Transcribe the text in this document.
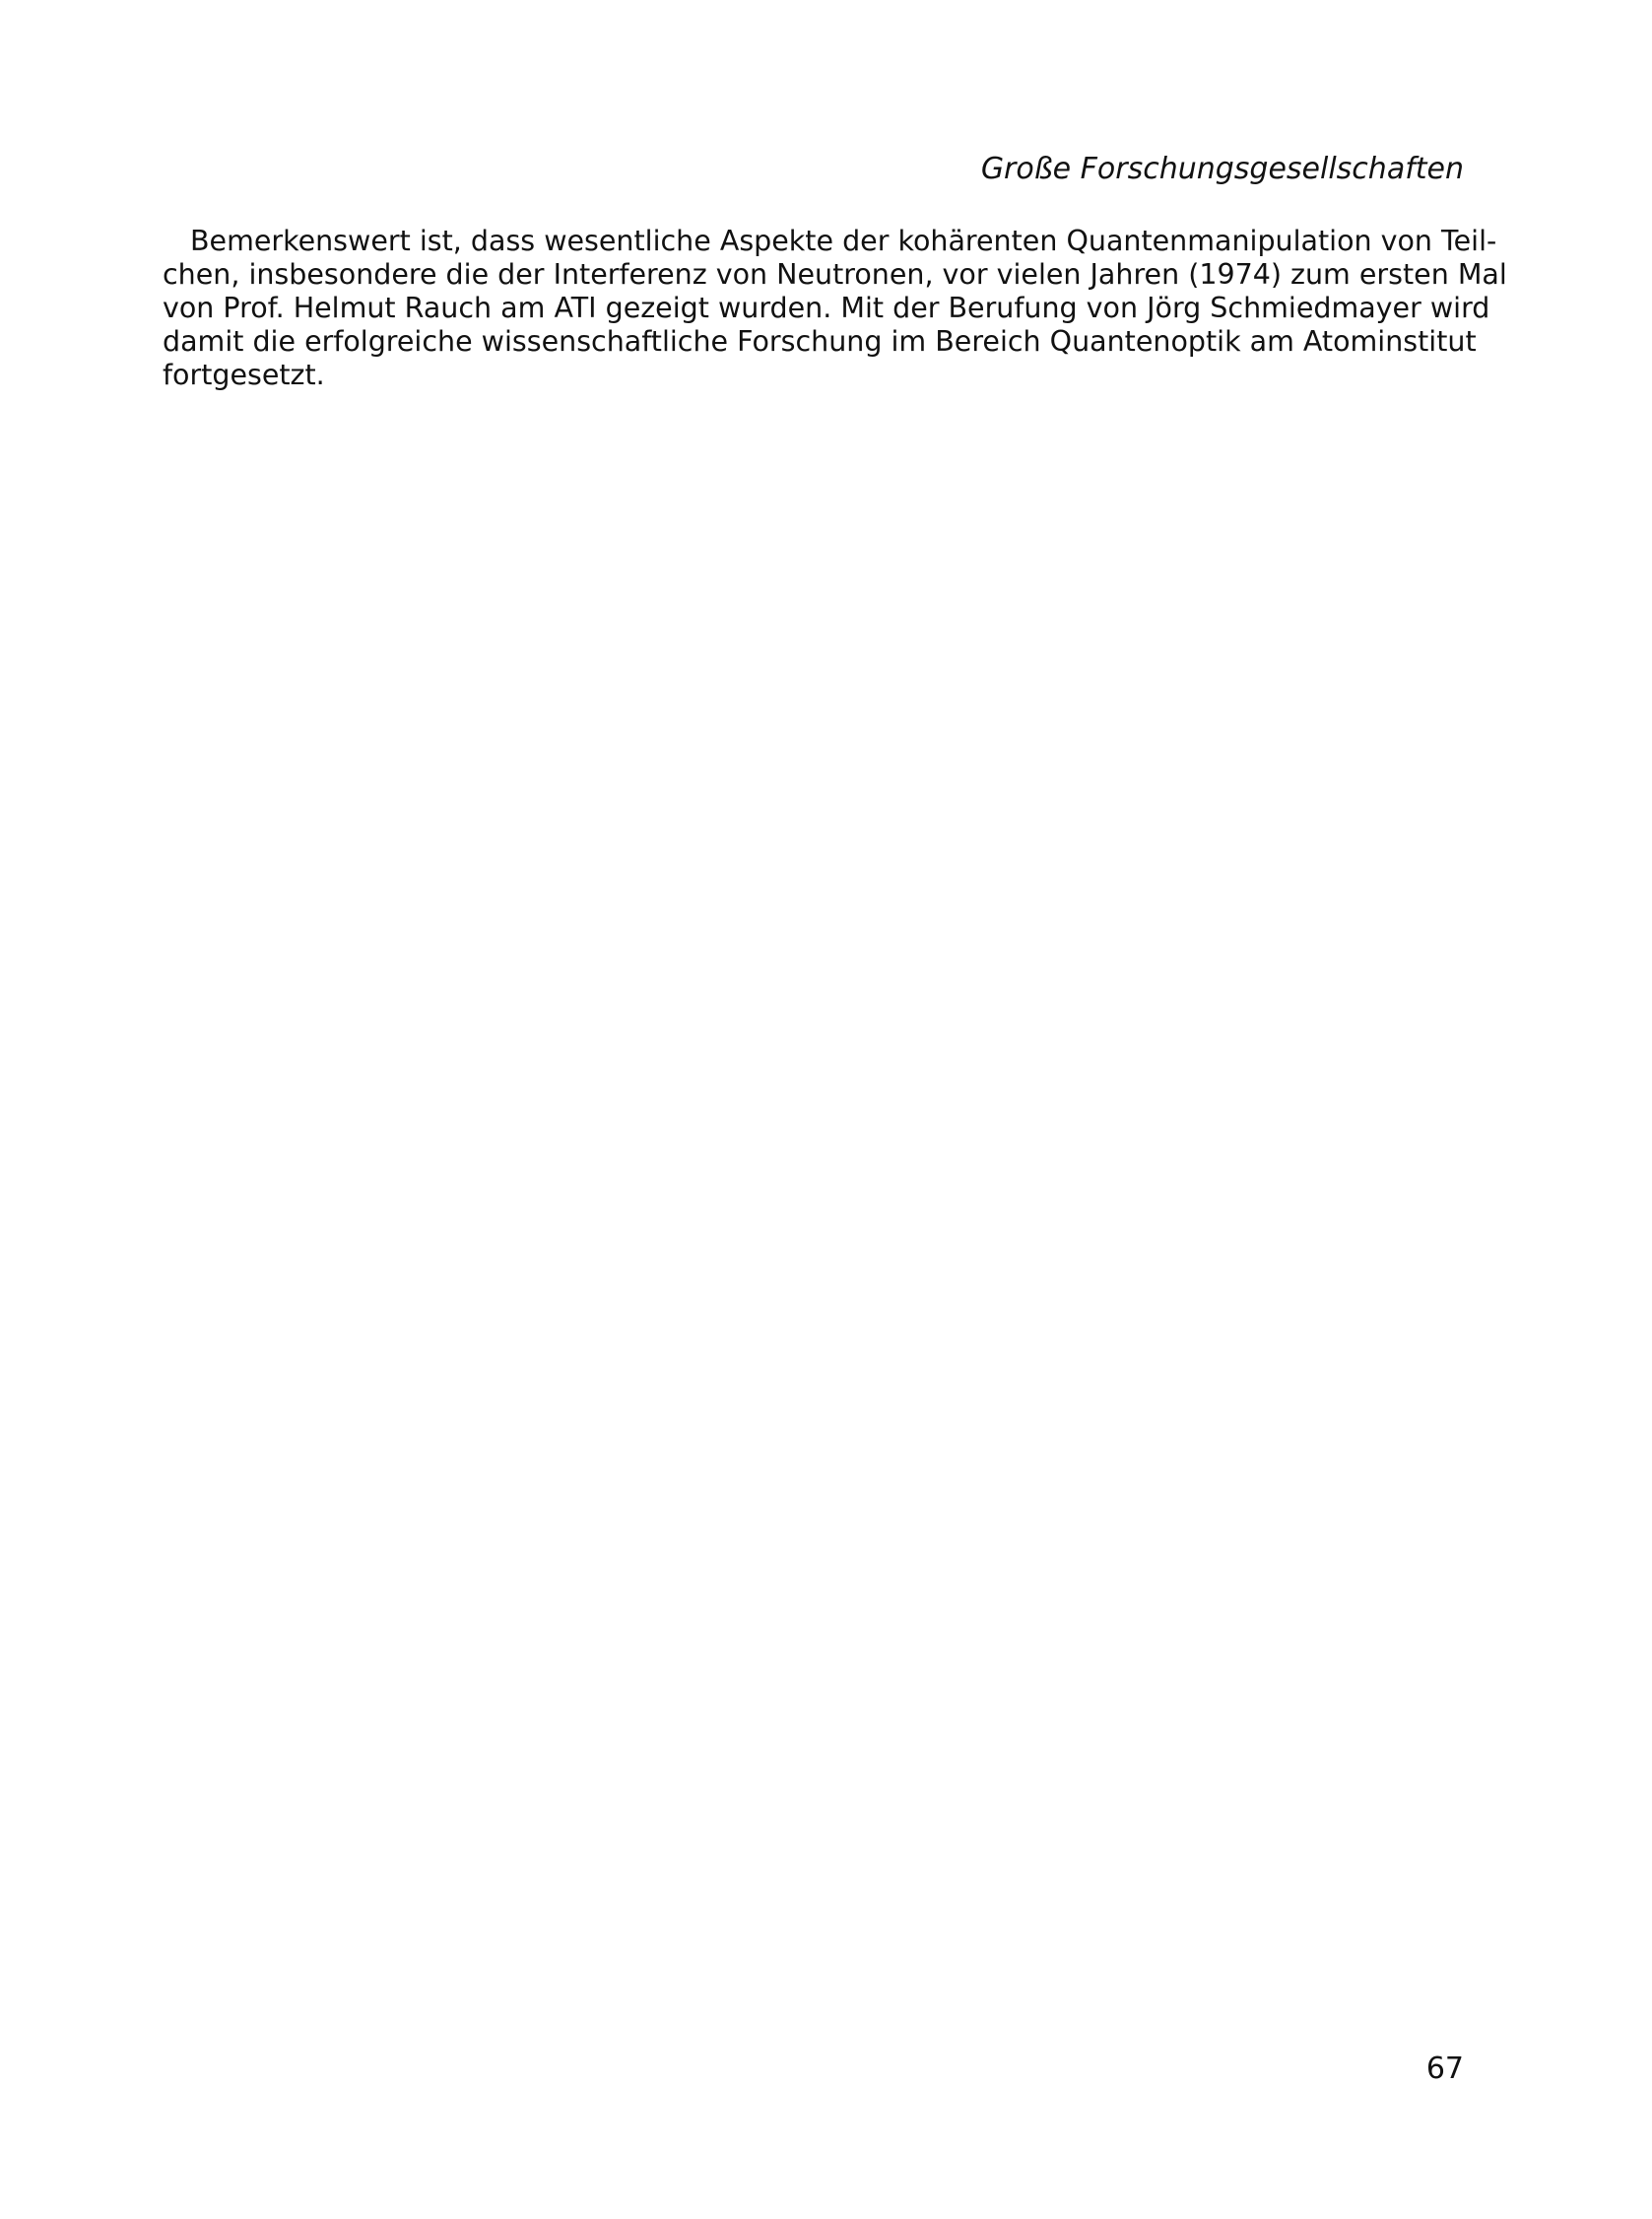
Große Forschungsgesellschaften
Bemerkenswert ist, dass wesentliche Aspekte der kohärenten Quantenmanipulation von Teil-
chen, insbesondere die der Interferenz von Neutronen, vor vielen Jahren (1974) zum ersten Mal
von Prof. Helmut Rauch am ATI gezeigt wurden. Mit der Berufung von Jörg Schmiedmayer wird
damit die erfolgreiche wissenschaftliche Forschung im Bereich Quantenoptik am Atominstitut
fortgesetzt.
67
